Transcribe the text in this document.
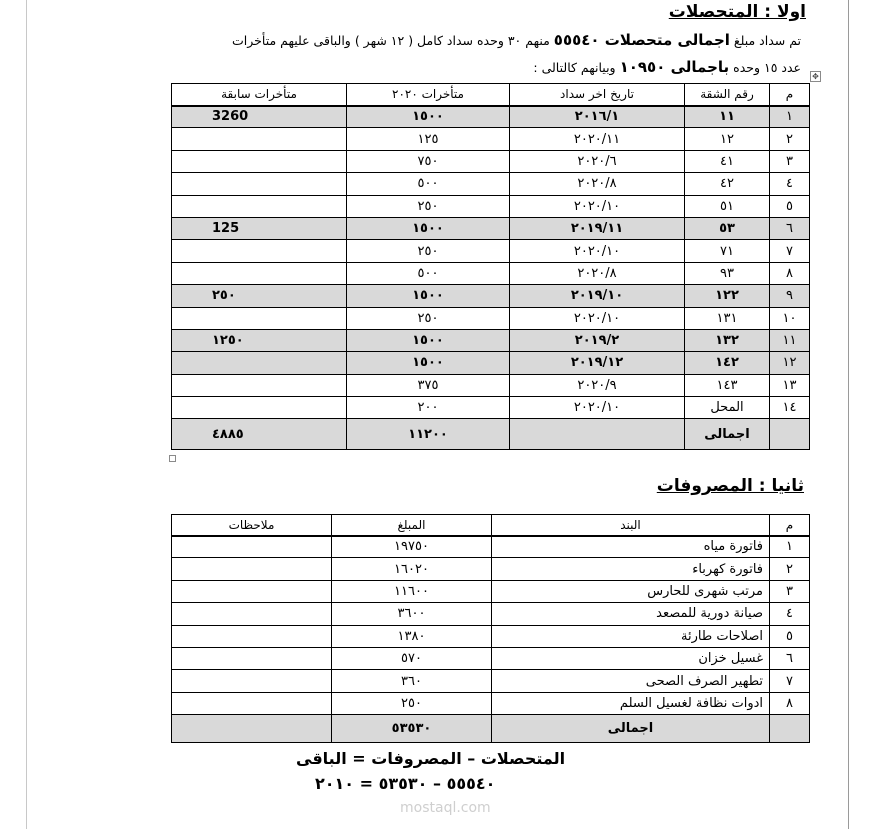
اولا : المتحصلات
تم سداد مبلغ اجمالى متحصلات ٥٥٥٤٠ منهم ٣٠ وحده سداد كامل ( ١٢ شهر ) والباقى عليهم متأخرات
عدد ١٥ وحده باجمالى ١٠٩٥٠ وبيانهم كالتالى :
✥
م	رقم الشقة	تاريخ اخر سداد	متأخرات ٢٠٢٠	متأخرات سابقة
١	١١	٢٠١٦/١	١٥٠٠	3260
٢	١٢	٢٠٢٠/١١	١٢٥	
٣	٤١	٢٠٢٠/٦	٧٥٠	
٤	٤٢	٢٠٢٠/٨	٥٠٠	
٥	٥١	٢٠٢٠/١٠	٢٥٠	
٦	٥٣	٢٠١٩/١١	١٥٠٠	125
٧	٧١	٢٠٢٠/١٠	٢٥٠	
٨	٩٣	٢٠٢٠/٨	٥٠٠	
٩	١٢٢	٢٠١٩/١٠	١٥٠٠	٢٥٠
١٠	١٣١	٢٠٢٠/١٠	٢٥٠	
١١	١٣٢	٢٠١٩/٢	١٥٠٠	١٢٥٠
١٢	١٤٢	٢٠١٩/١٢	١٥٠٠	
١٣	١٤٣	٢٠٢٠/٩	٣٧٥	
١٤	المحل	٢٠٢٠/١٠	٢٠٠	
	اجمالى		١١٢٠٠	٤٨٨٥
ثانيا : المصروفات
م	البند	المبلغ	ملاحظات
١	فاتورة مياه	١٩٧٥٠	
٢	فاتورة كهرباء	١٦٠٢٠	
٣	مرتب شهرى للحارس	١١٦٠٠	
٤	صيانة دورية للمصعد	٣٦٠٠	
٥	اصلاحات طارئة	١٣٨٠	
٦	غسيل خزان	٥٧٠	
٧	تطهير الصرف الصحى	٣٦٠	
٨	ادوات نظافة لغسيل السلم	٢٥٠	
	اجمالى	٥٣٥٣٠	
المتحصلات – المصروفات = الباقى
٥٥٥٤٠ – ٥٣٥٣٠ = ٢٠١٠
mostaql.com
